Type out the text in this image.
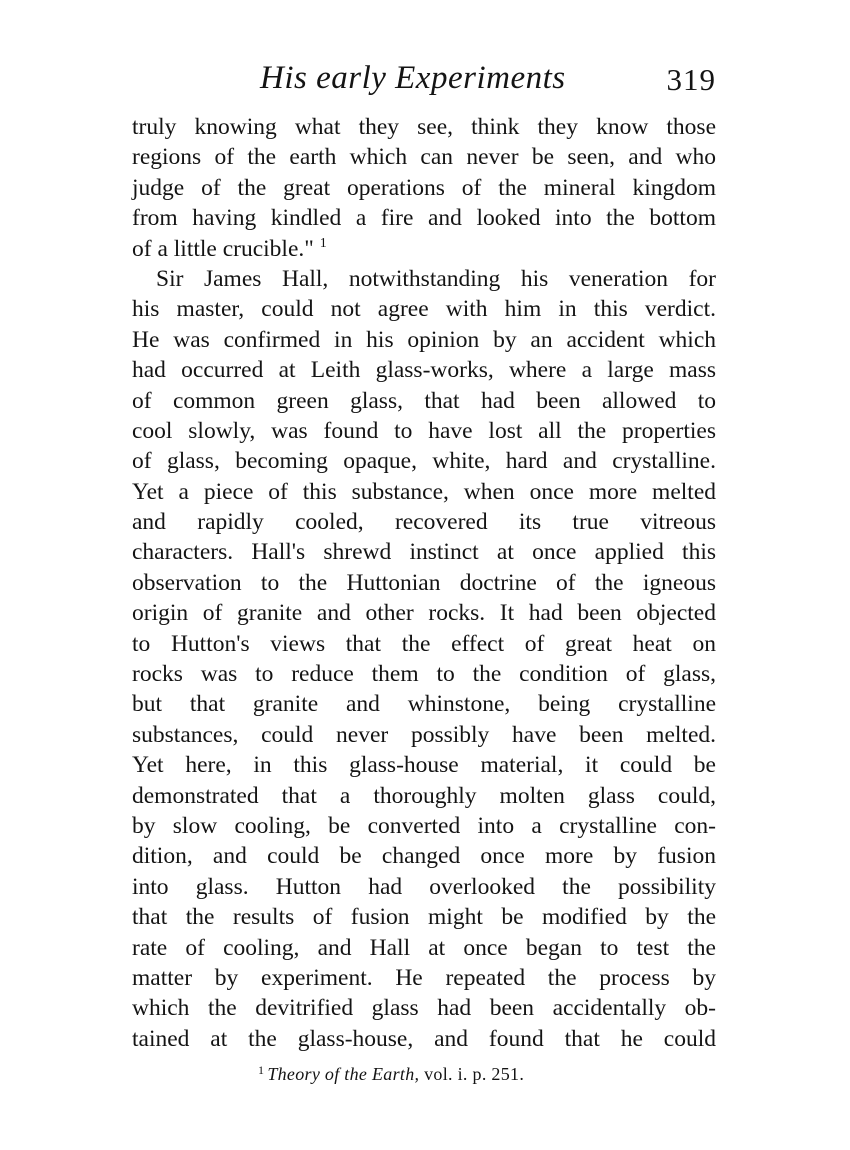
His early Experiments	319
truly knowing what they see, think they know those
regions of the earth which can never be seen, and who
judge of the great operations of the mineral kingdom
from having kindled a fire and looked into the bottom
of a little crucible." $^1$
Sir James Hall, notwithstanding his veneration for
his master, could not agree with him in this verdict.
He was confirmed in his opinion by an accident which
had occurred at Leith glass-works, where a large mass
of common green glass, that had been allowed to
cool slowly, was found to have lost all the properties
of glass, becoming opaque, white, hard and crystalline.
Yet a piece of this substance, when once more melted
and rapidly cooled, recovered its true vitreous
characters. Hall's shrewd instinct at once applied this
observation to the Huttonian doctrine of the igneous
origin of granite and other rocks. It had been objected
to Hutton's views that the effect of great heat on
rocks was to reduce them to the condition of glass,
but that granite and whinstone, being crystalline
substances, could never possibly have been melted.
Yet here, in this glass-house material, it could be
demonstrated that a thoroughly molten glass could,
by slow cooling, be converted into a crystalline con-
dition, and could be changed once more by fusion
into glass. Hutton had overlooked the possibility
that the results of fusion might be modified by the
rate of cooling, and Hall at once began to test the
matter by experiment. He repeated the process by
which the devitrified glass had been accidentally ob-
tained at the glass-house, and found that he could
$^1$ Theory of the Earth, vol. i. p. 251.
